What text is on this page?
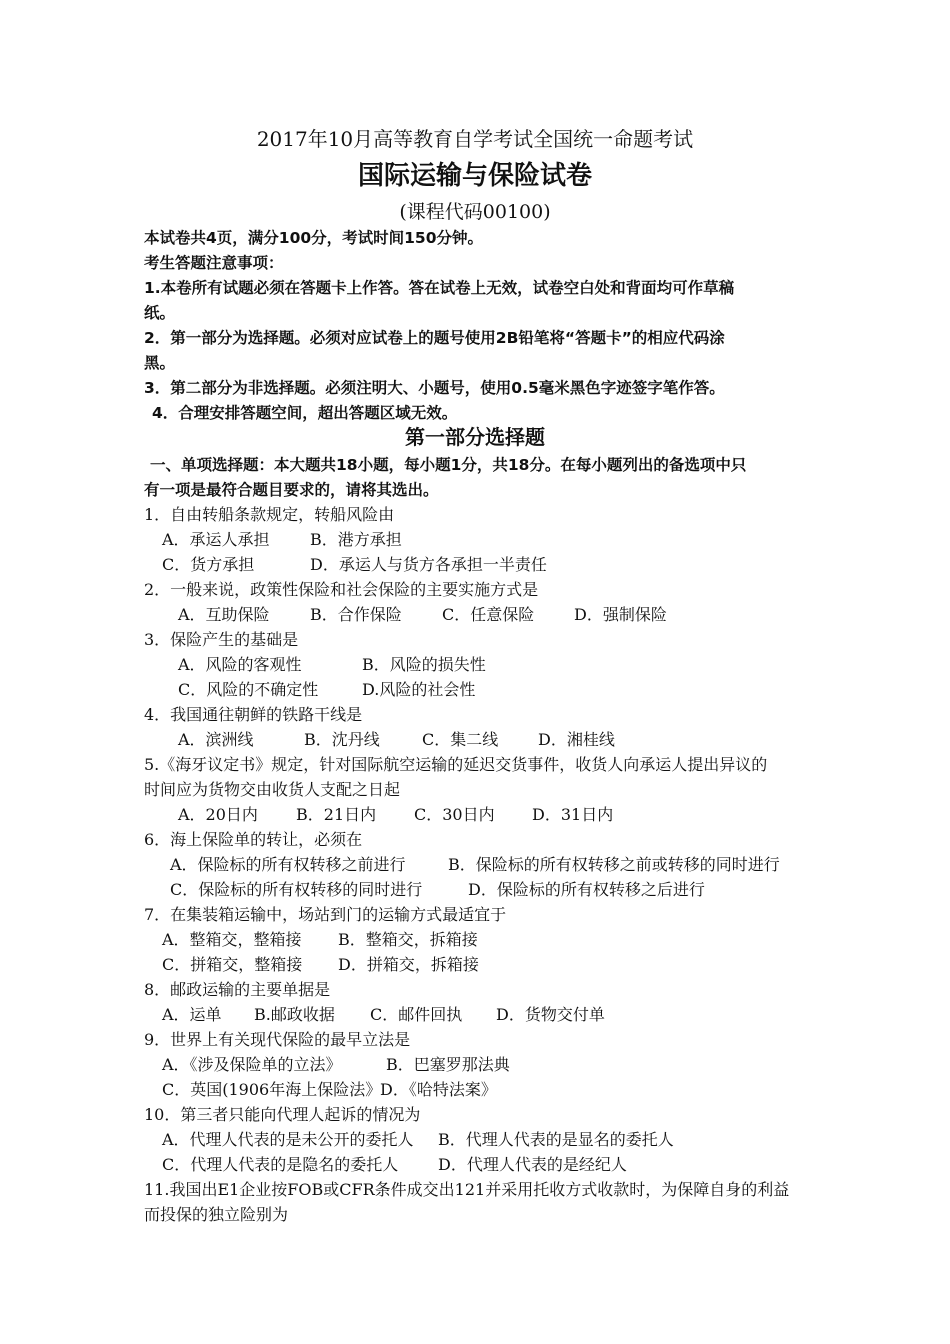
2017年10月高等教育自学考试全国统一命题考试
国际运输与保险试卷
(课程代码00100)
本试卷共4页，满分100分，考试时间150分钟。
考生答题注意事项：
1.本卷所有试题必须在答题卡上作答。答在试卷上无效，试卷空白处和背面均可作草稿
纸。
2．第一部分为选择题。必须对应试卷上的题号使用2B铅笔将“答题卡”的相应代码涂
黑。
3．第二部分为非选择题。必须注明大、小题号，使用0.5毫米黑色字迹签字笔作答。
4．合理安排答题空间，超出答题区域无效。
第一部分选择题
一、单项选择题：本大题共18小题，每小题1分，共18分。在每小题列出的备选项中只
有一项是最符合题目要求的，请将其选出。
1．自由转船条款规定，转船风险由
A．承运人承担	B．港方承担
C．货方承担	D．承运人与货方各承担一半责任
2．一般来说，政策性保险和社会保险的主要实施方式是
A．互助保险	B．合作保险	C．任意保险 D．强制保险
3．保险产生的基础是
A．风险的客观性	B．风险的损失性
C．风险的不确定性	D.风险的社会性
4．我国通往朝鲜的铁路干线是
A．滨洲线	B．沈丹线	C．集二线 D．湘桂线
5.《海牙议定书》规定，针对国际航空运输的延迟交货事件，收货人向承运人提出异议的
时间应为货物交由收货人支配之日起
A．20日内 B．21日内 C．30日内 D．31日内
6．海上保险单的转让，必须在
A．保险标的所有权转移之前进行	B．保险标的所有权转移之前或转移的同时进行
C．保险标的所有权转移的同时进行	D．保险标的所有权转移之后进行
7．在集装箱运输中，场站到门的运输方式最适宜于
A．整箱交，整箱接 B．整箱交，拆箱接
C．拼箱交，整箱接 D．拼箱交，拆箱接
8．邮政运输的主要单据是
A．运单 B.邮政收据 C．邮件回执 D．货物交付单
9．世界上有关现代保险的最早立法是
A．《涉及保险单的立法》	B．巴塞罗那法典
C．英国(1906年海上保险法》D．《哈特法案》
10．第三者只能向代理人起诉的情况为
A．代理人代表的是未公开的委托人 B．代理人代表的是显名的委托人
C．代理人代表的是隐名的委托人 D．代理人代表的是经纪人
11.我国出E1企业按FOB或CFR条件成交出121并采用托收方式收款时，为保障自身的利益
而投保的独立险别为
